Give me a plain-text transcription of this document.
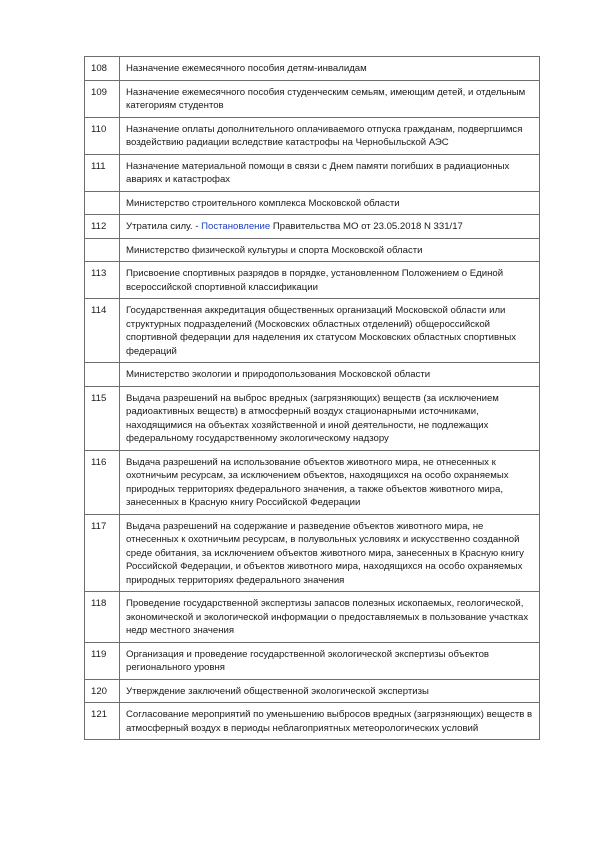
108	Назначение ежемесячного пособия детям-инвалидам
109	Назначение ежемесячного пособия студенческим семьям, имеющим детей, и отдельным категориям студентов
110	Назначение оплаты дополнительного оплачиваемого отпуска гражданам, подвергшимся воздействию радиации вследствие катастрофы на Чернобыльской АЭС
111	Назначение материальной помощи в связи с Днем памяти погибших в радиационных авариях и катастрофах
	Министерство строительного комплекса Московской области
112	Утратила силу. - Постановление Правительства МО от 23.05.2018 N 331/17
	Министерство физической культуры и спорта Московской области
113	Присвоение спортивных разрядов в порядке, установленном Положением о Единой всероссийской спортивной классификации
114	Государственная аккредитация общественных организаций Московской области или структурных подразделений (Московских областных отделений) общероссийской спортивной федерации для наделения их статусом Московских областных спортивных федераций
	Министерство экологии и природопользования Московской области
115	Выдача разрешений на выброс вредных (загрязняющих) веществ (за исключением радиоактивных веществ) в атмосферный воздух стационарными источниками, находящимися на объектах хозяйственной и иной деятельности, не подлежащих федеральному государственному экологическому надзору
116	Выдача разрешений на использование объектов животного мира, не отнесенных к охотничьим ресурсам, за исключением объектов, находящихся на особо охраняемых природных территориях федерального значения, а также объектов животного мира, занесенных в Красную книгу Российской Федерации
117	Выдача разрешений на содержание и разведение объектов животного мира, не отнесенных к охотничьим ресурсам, в полувольных условиях и искусственно созданной среде обитания, за исключением объектов животного мира, занесенных в Красную книгу Российской Федерации, и объектов животного мира, находящихся на особо охраняемых природных территориях федерального значения
118	Проведение государственной экспертизы запасов полезных ископаемых, геологической, экономической и экологической информации о предоставляемых в пользование участках недр местного значения
119	Организация и проведение государственной экологической экспертизы объектов регионального уровня
120	Утверждение заключений общественной экологической экспертизы
121	Согласование мероприятий по уменьшению выбросов вредных (загрязняющих) веществ в атмосферный воздух в периоды неблагоприятных метеорологических условий
